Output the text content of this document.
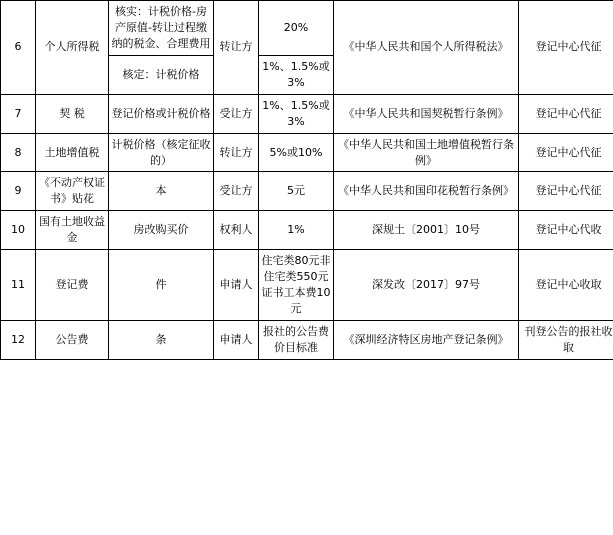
6	个人所得税	核实：计税价格-房产原值-转让过程缴纳的税金、合理费用	转让方	20%	《中华人民共和国个人所得税法》	登记中心代征
		核定：计税价格		1%、1.5%或3%		
7	契 税	登记价格或计税价格	受让方	1%、1.5%或3%	《中华人民共和国契税暂行条例》	登记中心代征
8	土地增值税	计税价格（核定征收的）	转让方	5%或10%	《中华人民共和国土地增值税暂行条例》	登记中心代征
9	《不动产权证书》贴花	本	受让方	5元	《中华人民共和国印花税暂行条例》	登记中心代征
10	国有土地收益金	房改购买价	权利人	1%	深规土〔2001〕10号	登记中心代收
11	登记费	件	申请人	住宅类80元非住宅类550元证书工本费10元	深发改〔2017〕97号	登记中心收取
12	公告费	条	申请人	报社的公告费价目标准	《深圳经济特区房地产登记条例》	刊登公告的报社收取
